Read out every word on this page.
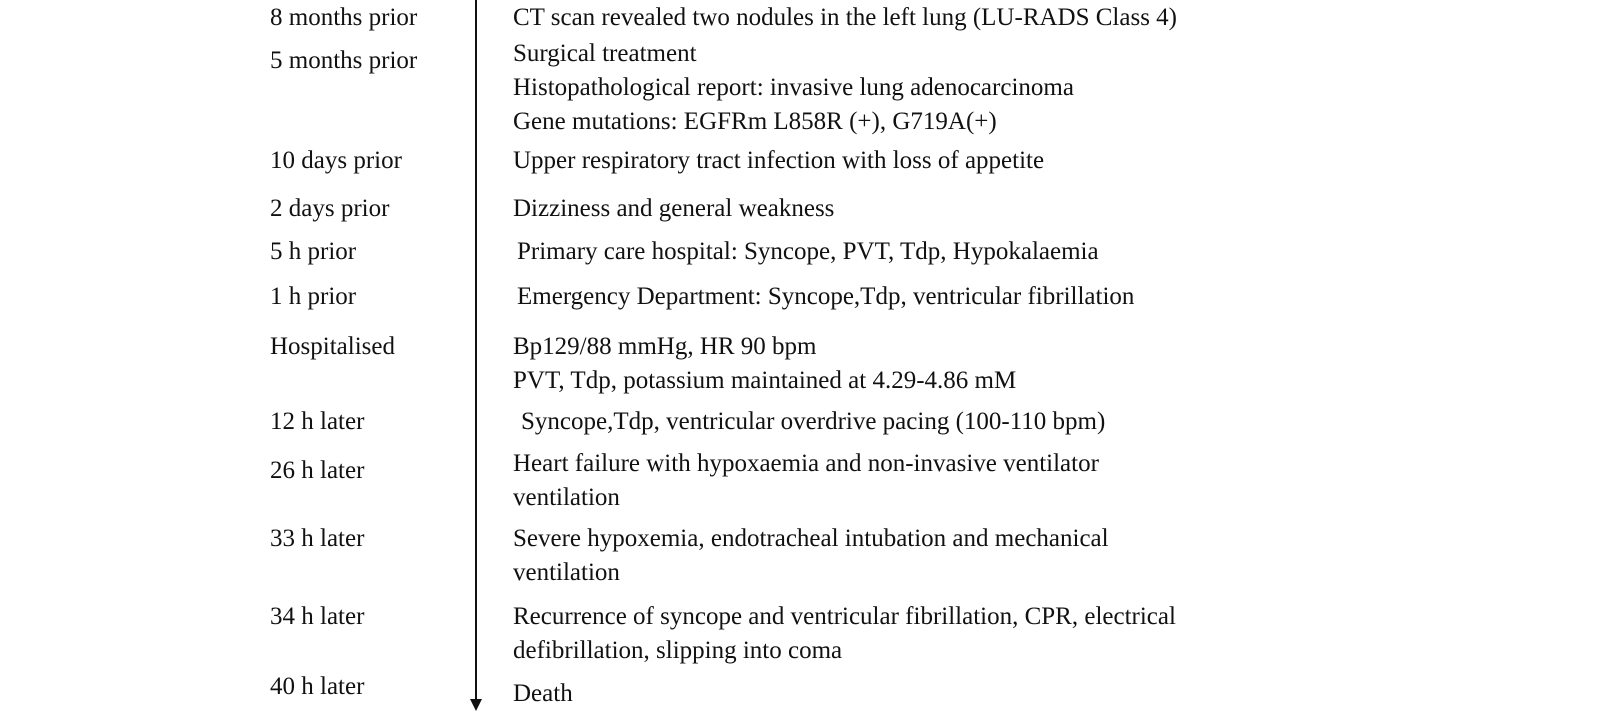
8 months prior	CT scan revealed two nodules in the left lung (LU-RADS Class 4)
5 months prior	Surgical treatment
Histopathological report: invasive lung adenocarcinoma
Gene mutations: EGFRm L858R (+), G719A(+)
10 days prior	Upper respiratory tract infection with loss of appetite
2 days prior	Dizziness and general weakness
5 h prior	Primary care hospital: Syncope, PVT, Tdp, Hypokalaemia
1 h prior	Emergency Department: Syncope,Tdp, ventricular fibrillation
Hospitalised	Bp129/88 mmHg, HR 90 bpm
PVT, Tdp, potassium maintained at 4.29-4.86 mM
12 h later	Syncope,Tdp, ventricular overdrive pacing (100-110 bpm)
26 h later	Heart failure with hypoxaemia and non-invasive ventilator
ventilation
33 h later	Severe hypoxemia, endotracheal intubation and mechanical
ventilation
34 h later	Recurrence of syncope and ventricular fibrillation, CPR, electrical
defibrillation, slipping into coma
40 h later	Death
